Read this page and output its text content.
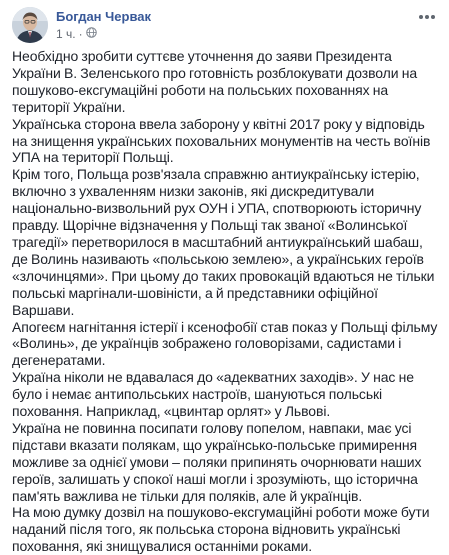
Богдан Червак
1 ч. ·

Необхідно зробити суттєве уточнення до заяви Президента України В. Зеленського про готовність розблокувати дозволи на пошуково-ексгумаційні роботи на польських похованнях на території України.

Українська сторона ввела заборону у квітні 2017 року у відповідь на знищення українських поховальних монументів на честь воїнів УПА на території Польщі.

Крім того, Польща розв'язала справжню антиукраїнську істерію, включно з ухваленням низки законів, які дискредитували національно-визвольний рух ОУН і УПА, спотворюють історичну правду. Щорічне відзначення у Польщі так званої «Волинської трагедії» перетворилося в масштабний антиукраїнський шабаш, де Волинь називають «польською землею», а українських героїв «злочинцями». При цьому до таких провокацій вдаються не тільки польські маргінали-шовіністи, а й представники офіційної Варшави.

Апогеєм нагнітання істерії і ксенофобії став показ у Польщі фільму «Волинь», де українців зображено головорізами, садистами і дегенератами.

Україна ніколи не вдавалася до «адекватних заходів». У нас не було і немає антипольських настроїв, шануються польські поховання. Наприклад, «цвинтар орлят» у Львові.

Україна не повинна посипати голову попелом, навпаки, має усі підстави вказати полякам, що українсько-польське примирення можливе за однієї умови – поляки припинять очорнювати наших героїв, залишать у спокої наші могли і зрозуміють, що історична пам'ять важлива не тільки для поляків, але й українців.

На мою думку дозвіл на пошуково-ексгумаційні роботи може бути наданий після того, як польська сторона відновить українські поховання, які знищувалися останніми роками.
